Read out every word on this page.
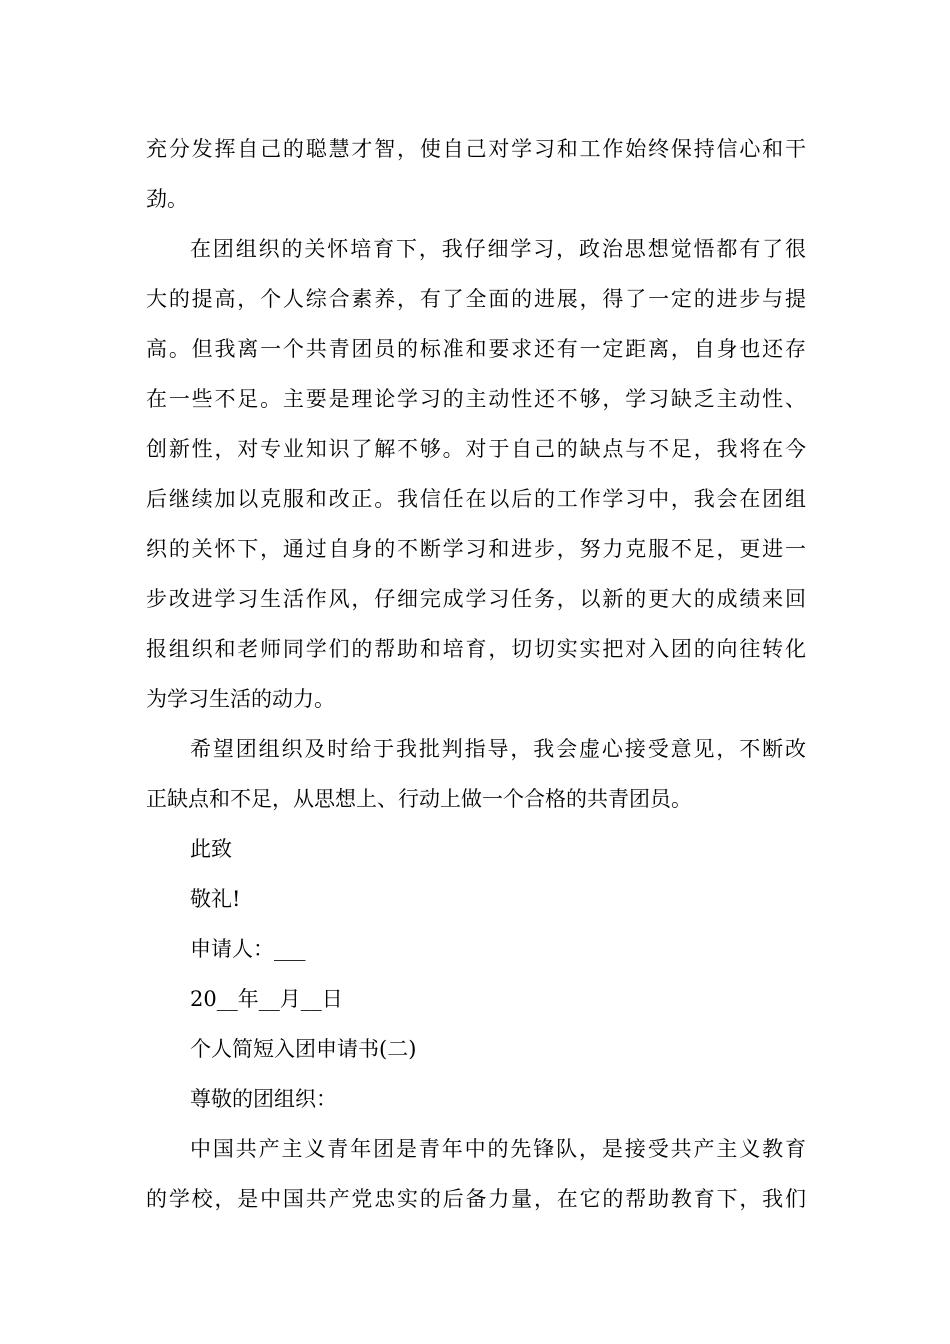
充分发挥自己的聪慧才智，使自己对学习和工作始终保持信心和干
劲。
在团组织的关怀培育下，我仔细学习，政治思想觉悟都有了很
大的提高，个人综合素养，有了全面的进展，得了一定的进步与提
高。但我离一个共青团员的标准和要求还有一定距离，自身也还存
在一些不足。主要是理论学习的主动性还不够，学习缺乏主动性、
创新性，对专业知识了解不够。对于自己的缺点与不足，我将在今
后继续加以克服和改正。我信任在以后的工作学习中，我会在团组
织的关怀下，通过自身的不断学习和进步，努力克服不足，更进一
步改进学习生活作风，仔细完成学习任务，以新的更大的成绩来回
报组织和老师同学们的帮助和培育，切切实实把对入团的向往转化
为学习生活的动力。
希望团组织及时给于我批判指导，我会虚心接受意见，不断改
正缺点和不足，从思想上、行动上做一个合格的共青团员。
此致
敬礼!
申请人：___
20__年__月__日
个人简短入团申请书(二)
尊敬的团组织：
中国共产主义青年团是青年中的先锋队，是接受共产主义教育
的学校，是中国共产党忠实的后备力量，在它的帮助教育下，我们
